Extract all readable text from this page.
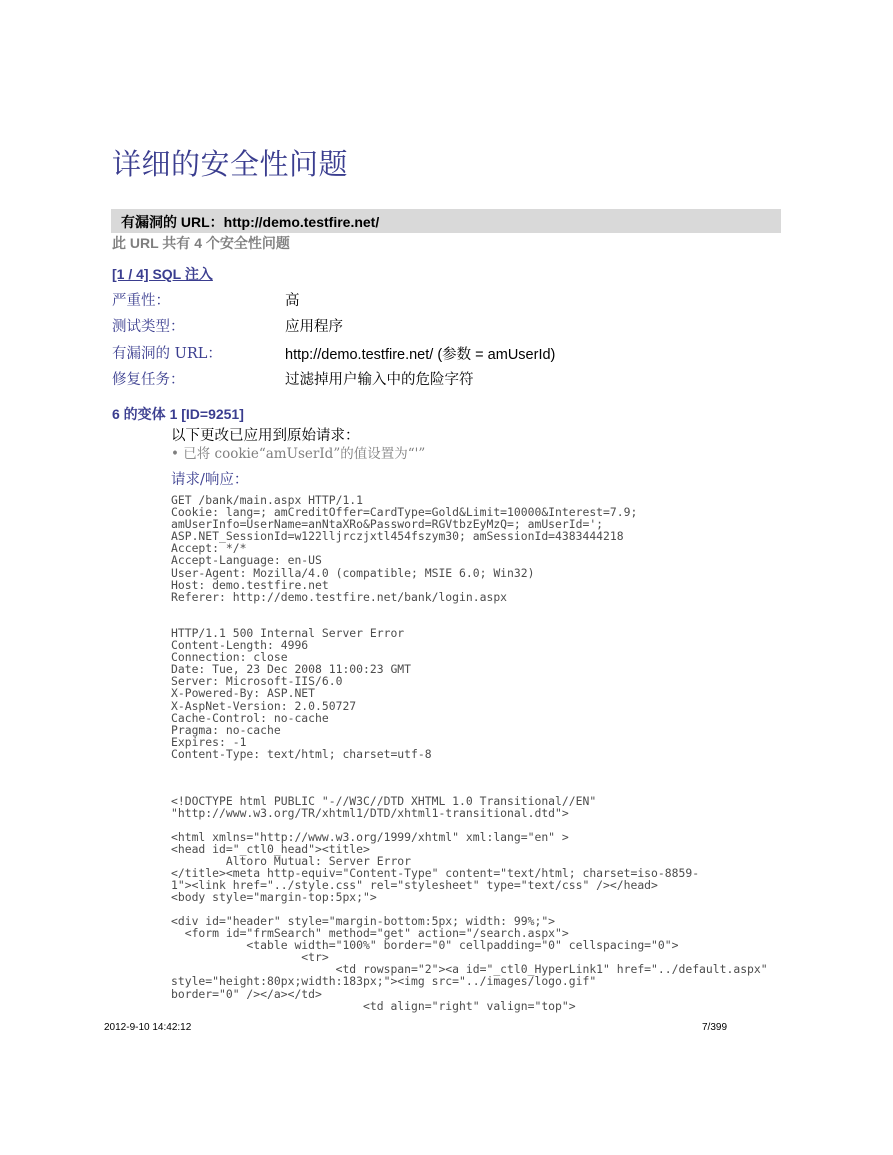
详细的安全性问题
有漏洞的 URL：http://demo.testfire.net/
此 URL 共有 4 个安全性问题
[1 / 4] SQL 注入
严重性：	高
测试类型：	应用程序
有漏洞的 URL：	http://demo.testfire.net/ (参数 = amUserId)
修复任务：	过滤掉用户输入中的危险字符
6 的变体 1 [ID=9251]
以下更改已应用到原始请求：
• 已将 cookie“amUserId”的值设置为“'”
请求/响应：
GET /bank/main.aspx HTTP/1.1
Cookie: lang=; amCreditOffer=CardType=Gold&Limit=10000&Interest=7.9;
amUserInfo=UserName=anNtaXRo&Password=RGVtbzEyMzQ=; amUserId=';
ASP.NET_SessionId=w122lljrczjxtl454fszym30; amSessionId=4383444218
Accept: */*
Accept-Language: en-US
User-Agent: Mozilla/4.0 (compatible; MSIE 6.0; Win32)
Host: demo.testfire.net
Referer: http://demo.testfire.net/bank/login.aspx
HTTP/1.1 500 Internal Server Error
Content-Length: 4996
Connection: close
Date: Tue, 23 Dec 2008 11:00:23 GMT
Server: Microsoft-IIS/6.0
X-Powered-By: ASP.NET
X-AspNet-Version: 2.0.50727
Cache-Control: no-cache
Pragma: no-cache
Expires: -1
Content-Type: text/html; charset=utf-8
<!DOCTYPE html PUBLIC "-//W3C//DTD XHTML 1.0 Transitional//EN"
"http://www.w3.org/TR/xhtml1/DTD/xhtml1-transitional.dtd">
<html xmlns="http://www.w3.org/1999/xhtml" xml:lang="en" >
<head id="_ctl0_head"><title>
Altoro Mutual: Server Error
</title><meta http-equiv="Content-Type" content="text/html; charset=iso-8859-
1"><link href="../style.css" rel="stylesheet" type="text/css" /></head>
<body style="margin-top:5px;">
<div id="header" style="margin-bottom:5px; width: 99%;">
<form id="frmSearch" method="get" action="/search.aspx">
<table width="100%" border="0" cellpadding="0" cellspacing="0">
<tr>
<td rowspan="2"><a id="_ctl0_HyperLink1" href="../default.aspx"
style="height:80px;width:183px;"><img src="../images/logo.gif"
border="0" /></a></td>
<td align="right" valign="top">
2012-9-10 14:42:12	7/399
